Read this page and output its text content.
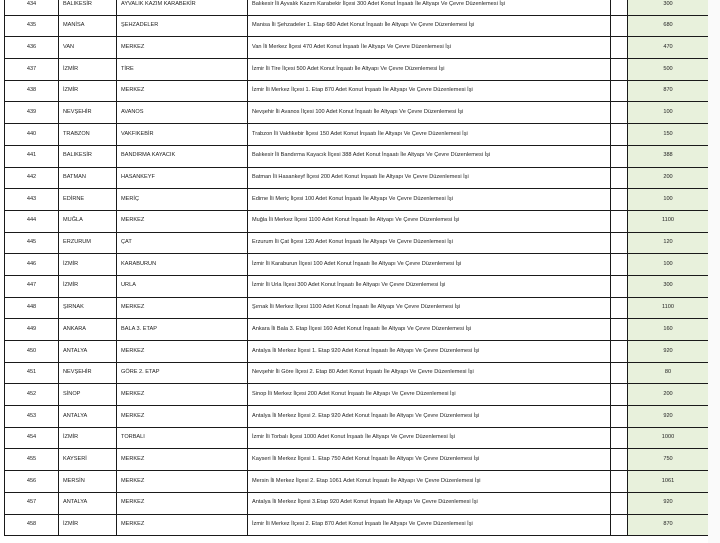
434	BALIKESİR	AYVALIK KAZIM KARABEKİR	Balıkesir İli Ayvalık Kazım Karabekir İlçesi 300 Adet Konut İnşaatı İle Altyapı Ve Çevre Düzenlemesi İşi		300
435	MANİSA	ŞEHZADELER	Manisa İli Şehzadeler 1. Etap 680 Adet Konut İnşaatı İle Altyapı Ve Çevre Düzenlemesi İşi		680
436	VAN	MERKEZ	Van İli Merkez İlçesi 470 Adet Konut İnşaatı İle Altyapı Ve Çevre Düzenlemesi İşi		470
437	İZMİR	TİRE	İzmir İli Tire İlçesi 500 Adet Konut İnşaatı İle Altyapı Ve Çevre Düzenlemesi İşi		500
438	İZMİR	MERKEZ	İzmir İli Merkez İlçesi 1. Etap 870 Adet Konut İnşaatı İle Altyapı Ve Çevre Düzenlemesi İşi		870
439	NEVŞEHİR	AVANOS	Nevşehir İli Avanos İlçesi 100 Adet Konut İnşaatı İle Altyapı Ve Çevre Düzenlemesi İşi		100
440	TRABZON	VAKFIKEBİR	Trabzon İli Vakfıkebir İlçesi 150 Adet Konut İnşaatı İle Altyapı Ve Çevre Düzenlemesi İşi		150
441	BALIKESİR	BANDIRMA KAYACIK	Balıkesir İli Bandırma Kayacık İlçesi 388 Adet Konut İnşaatı İle Altyapı Ve Çevre Düzenlemesi İşi		388
442	BATMAN	HASANKEYF	Batman İli Hasankeyf İlçesi 200 Adet Konut İnşaatı İle Altyapı Ve Çevre Düzenlemesi İşi		200
443	EDİRNE	MERİÇ	Edirne İli Meriç İlçesi 100 Adet Konut İnşaatı İle Altyapı Ve Çevre Düzenlemesi İşi		100
444	MUĞLA	MERKEZ	Muğla İli Merkez İlçesi 1100 Adet Konut İnşaatı İle Altyapı Ve Çevre Düzenlemesi İşi		1100
445	ERZURUM	ÇAT	Erzurum İli Çat İlçesi 120 Adet Konut İnşaatı İle Altyapı Ve Çevre Düzenlemesi İşi		120
446	İZMİR	KARABURUN	İzmir İli Karaburun İlçesi 100 Adet Konut İnşaatı İle Altyapı Ve Çevre Düzenlemesi İşi		100
447	İZMİR	URLA	İzmir İli Urla İlçesi 300 Adet Konut İnşaatı İle Altyapı Ve Çevre Düzenlemesi İşi		300
448	ŞIRNAK	MERKEZ	Şırnak İli Merkez İlçesi 1100 Adet Konut İnşaatı İle Altyapı Ve Çevre Düzenlemesi İşi		1100
449	ANKARA	BALA 3. ETAP	Ankara İli Bala 3. Etap İlçesi 160 Adet Konut İnşaatı İle Altyapı Ve Çevre Düzenlemesi İşi		160
450	ANTALYA	MERKEZ	Antalya İli Merkez İlçesi 1. Etap 920 Adet Konut İnşaatı İle Altyapı Ve Çevre Düzenlemesi İşi		920
451	NEVŞEHİR	GÖRE 2. ETAP	Nevşehir İli Göre İlçesi 2. Etap 80 Adet Konut İnşaatı İle Altyapı Ve Çevre Düzenlemesi İşi		80
452	SİNOP	MERKEZ	Sinop İli Merkez İlçesi 200 Adet Konut İnşaatı İle Altyapı Ve Çevre Düzenlemesi İşi		200
453	ANTALYA	MERKEZ	Antalya İli Merkez İlçesi 2. Etap 920 Adet Konut İnşaatı İle Altyapı Ve Çevre Düzenlemesi İşi		920
454	İZMİR	TORBALI	İzmir İli Torbalı İlçesi 1000 Adet Konut İnşaatı İle Altyapı Ve Çevre Düzenlemesi İşi		1000
455	KAYSERİ	MERKEZ	Kayseri İli Merkez İlçesi 1. Etap 750 Adet Konut İnşaatı İle Altyapı Ve Çevre Düzenlemesi İşi		750
456	MERSİN	MERKEZ	Mersin İli Merkez İlçesi 2. Etap 1061 Adet Konut İnşaatı İle Altyapı Ve Çevre Düzenlemesi İşi		1061
457	ANTALYA	MERKEZ	Antalya İli Merkez İlçesi 3.Etap 920 Adet Konut İnşaatı İle Altyapı Ve Çevre Düzenlemesi İşi		920
458	İZMİR	MERKEZ	İzmir İli Merkez İlçesi 2. Etap 870 Adet Konut İnşaatı İle Altyapı Ve Çevre Düzenlemesi İşi		870
